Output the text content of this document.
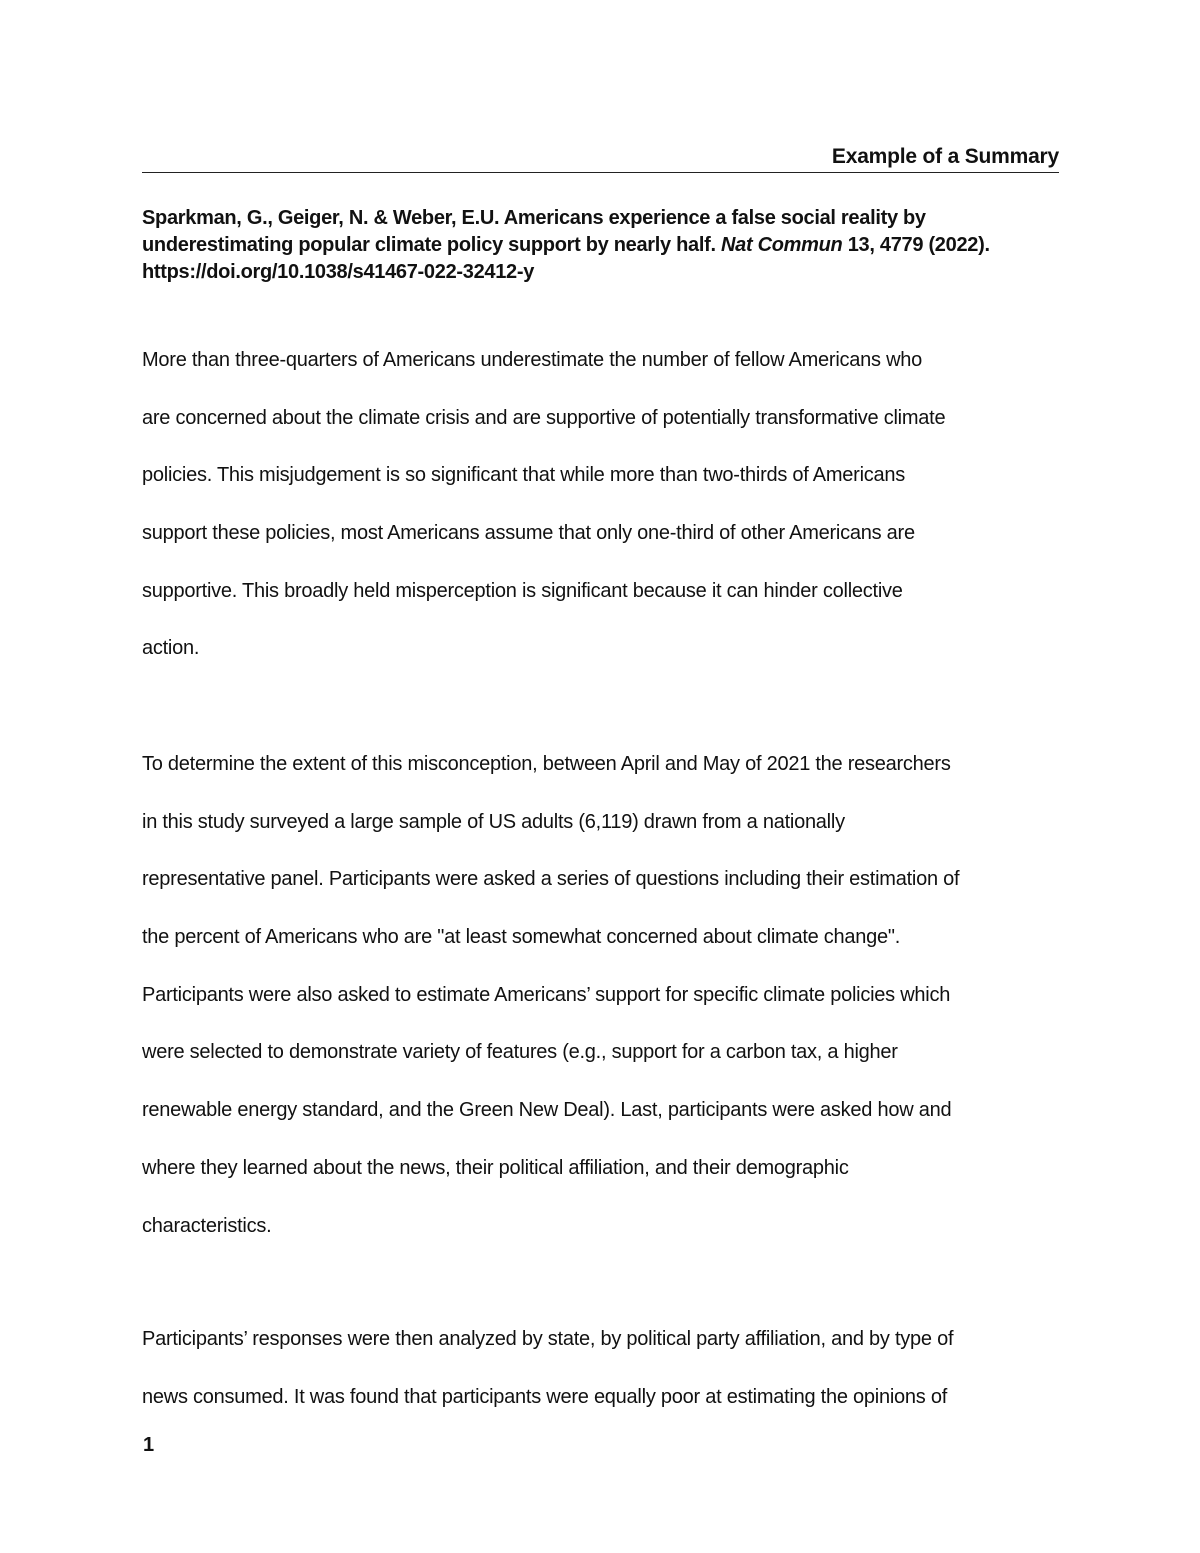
Example of a Summary
Sparkman, G., Geiger, N. & Weber, E.U. Americans experience a false social reality by underestimating popular climate policy support by nearly half. Nat Commun 13, 4779 (2022).
https://doi.org/10.1038/s41467-022-32412-y
More than three-quarters of Americans underestimate the number of fellow Americans who
are concerned about the climate crisis and are supportive of potentially transformative climate
policies. This misjudgement is so significant that while more than two-thirds of Americans
support these policies, most Americans assume that only one-third of other Americans are
supportive. This broadly held misperception is significant because it can hinder collective
action.
To determine the extent of this misconception, between April and May of 2021 the researchers
in this study surveyed a large sample of US adults (6,119) drawn from a nationally
representative panel. Participants were asked a series of questions including their estimation of
the percent of Americans who are "at least somewhat concerned about climate change".
Participants were also asked to estimate Americans’ support for specific climate policies which
were selected to demonstrate variety of features (e.g., support for a carbon tax, a higher
renewable energy standard, and the Green New Deal). Last, participants were asked how and
where they learned about the news, their political affiliation, and their demographic
characteristics.
Participants’ responses were then analyzed by state, by political party affiliation, and by type of
news consumed. It was found that participants were equally poor at estimating the opinions of
1
